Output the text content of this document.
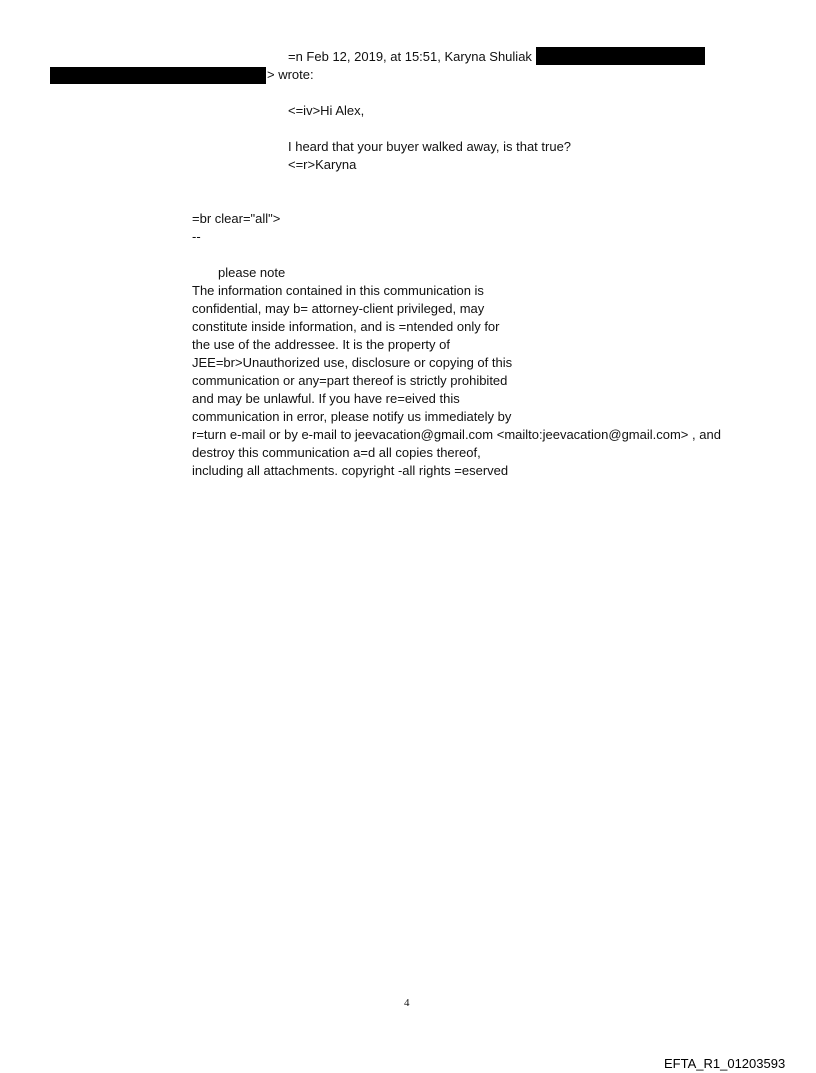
=n Feb 12, 2019, at 15:51, Karyna Shuliak
> wrote:
<=iv>Hi Alex,
I heard that your buyer walked away, is that true?
<=r>Karyna
=br clear="all">
--
please note
The information contained in this communication is
confidential, may b= attorney-client privileged, may
constitute inside information, and is =ntended only for
the use of the addressee. It is the property of
JEE=br>Unauthorized use, disclosure or copying of this
communication or any=part thereof is strictly prohibited
and may be unlawful. If you have re=eived this
communication in error, please notify us immediately by
r=turn e-mail or by e-mail to jeevacation@gmail.com <mailto:jeevacation@gmail.com> , and
destroy this communication a=d all copies thereof,
including all attachments. copyright -all rights =eserved
4
EFTA_R1_01203593
